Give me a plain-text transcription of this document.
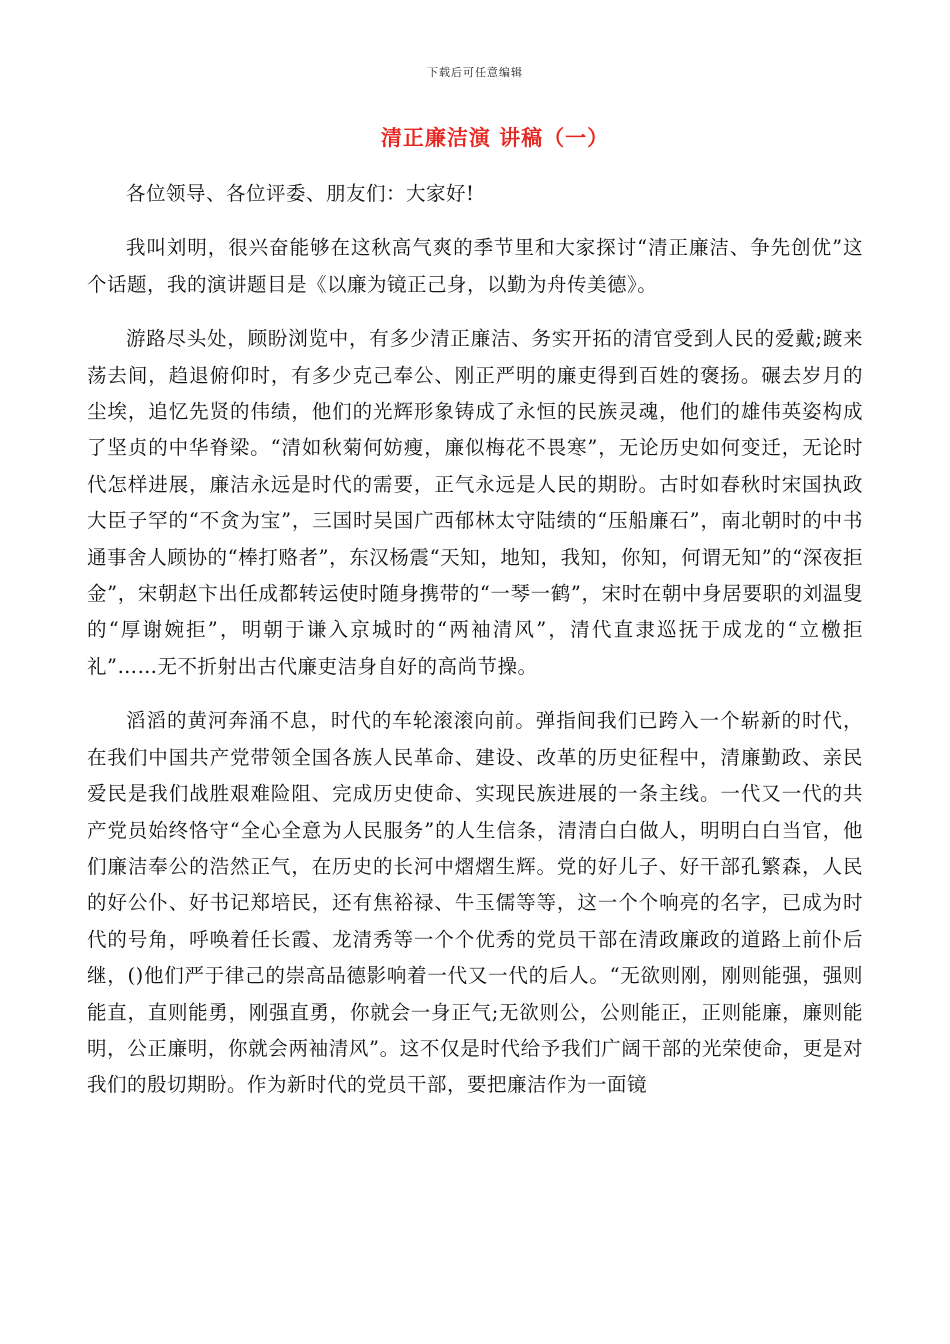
下载后可任意编辑
清正廉洁演 讲稿（一）

各位领导、各位评委、朋友们：大家好!

我叫刘明，很兴奋能够在这秋高气爽的季节里和大家探讨“清正廉洁、争先创优”这个话题，我的演讲题目是《以廉为镜正己身，以勤为舟传美德》。

游路尽头处，顾盼浏览中，有多少清正廉洁、务实开拓的清官受到人民的爱戴;踱来荡去间，趋退俯仰时，有多少克己奉公、刚正严明的廉吏得到百姓的褒扬。碾去岁月的尘埃，追忆先贤的伟绩，他们的光辉形象铸成了永恒的民族灵魂，他们的雄伟英姿构成了坚贞的中华脊梁。“清如秋菊何妨瘦，廉似梅花不畏寒”，无论历史如何变迁，无论时代怎样进展，廉洁永远是时代的需要，正气永远是人民的期盼。古时如春秋时宋国执政大臣子罕的“不贪为宝”，三国时吴国广西郁林太守陆绩的“压船廉石”，南北朝时的中书通事舍人顾协的“棒打赂者”，东汉杨震“天知，地知，我知，你知，何谓无知”的“深夜拒金”，宋朝赵卞出任成都转运使时随身携带的“一琴一鹤”，宋时在朝中身居要职的刘温叟的“厚谢婉拒”，明朝于谦入京城时的“两袖清风”，清代直隶巡抚于成龙的“立檄拒礼”……无不折射出古代廉吏洁身自好的高尚节操。

滔滔的黄河奔涌不息，时代的车轮滚滚向前。弹指间我们已跨入一个崭新的时代，在我们中国共产党带领全国各族人民革命、建设、改革的历史征程中，清廉勤政、亲民爱民是我们战胜艰难险阻、完成历史使命、实现民族进展的一条主线。一代又一代的共产党员始终恪守“全心全意为人民服务”的人生信条，清清白白做人，明明白白当官，他们廉洁奉公的浩然正气，在历史的长河中熠熠生辉。党的好儿子、好干部孔繁森，人民的好公仆、好书记郑培民，还有焦裕禄、牛玉儒等等，这一个个响亮的名字，已成为时代的号角，呼唤着任长霞、龙清秀等一个个优秀的党员干部在清政廉政的道路上前仆后继，()他们严于律己的崇高品德影响着一代又一代的后人。“无欲则刚，刚则能强，强则能直，直则能勇，刚强直勇，你就会一身正气;无欲则公，公则能正，正则能廉，廉则能明，公正廉明，你就会两袖清风”。这不仅是时代给予我们广阔干部的光荣使命，更是对我们的殷切期盼。作为新时代的党员干部，要把廉洁作为一面镜
